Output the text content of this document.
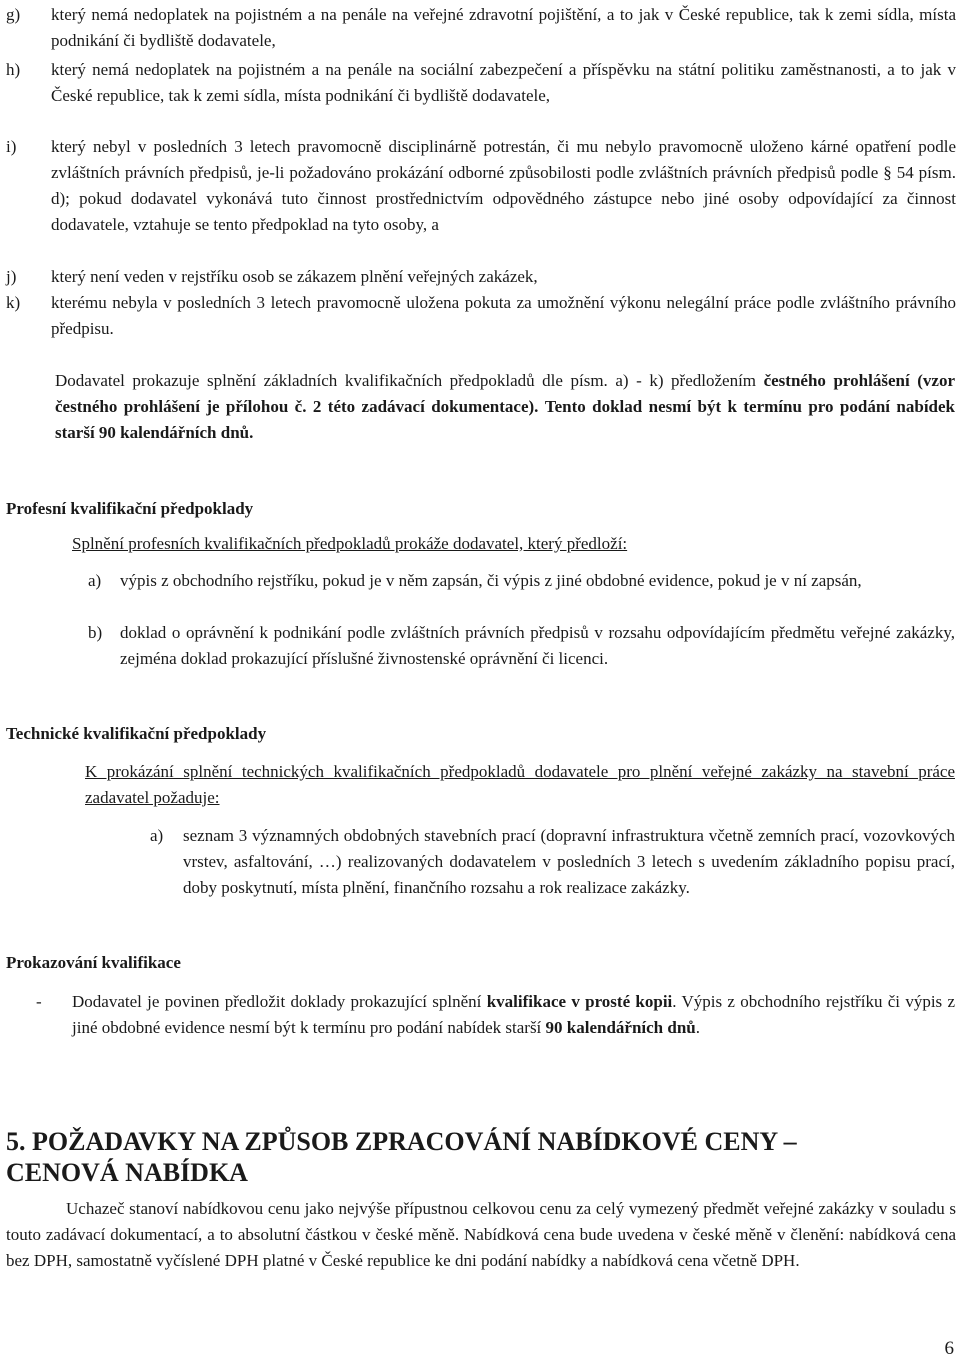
g) který nemá nedoplatek na pojistném a na penále na veřejné zdravotní pojištění, a to jak v České republice, tak k zemi sídla, místa podnikání či bydliště dodavatele,
h) který nemá nedoplatek na pojistném a na penále na sociální zabezpečení a příspěvku na státní politiku zaměstnanosti, a to jak v České republice, tak k zemi sídla, místa podnikání či bydliště dodavatele,
i) který nebyl v posledních 3 letech pravomocně disciplinárně potrestán, či mu nebylo pravomocně uloženo kárné opatření podle zvláštních právních předpisů, je-li požadováno prokázání odborné způsobilosti podle zvláštních právních předpisů podle § 54 písm. d); pokud dodavatel vykonává tuto činnost prostřednictvím odpovědného zástupce nebo jiné osoby odpovídající za činnost dodavatele, vztahuje se tento předpoklad na tyto osoby, a
j) který není veden v rejstříku osob se zákazem plnění veřejných zakázek,
k) kterému nebyla v posledních 3 letech pravomocně uložena pokuta za umožnění výkonu nelegální práce podle zvláštního právního předpisu.

Dodavatel prokazuje splnění základních kvalifikačních předpokladů dle písm. a) - k) předložením čestného prohlášení (vzor čestného prohlášení je přílohou č. 2 této zadávací dokumentace). Tento doklad nesmí být k termínu pro podání nabídek starší 90 kalendářních dnů.

Profesní kvalifikační předpoklady

Splnění profesních kvalifikačních předpokladů prokáže dodavatel, který předloží:

a) výpis z obchodního rejstříku, pokud je v něm zapsán, či výpis z jiné obdobné evidence, pokud je v ní zapsán,
b) doklad o oprávnění k podnikání podle zvláštních právních předpisů v rozsahu odpovídajícím předmětu veřejné zakázky, zejména doklad prokazující příslušné živnostenské oprávnění či licenci.
Technické kvalifikační předpoklady

K prokázání splnění technických kvalifikačních předpokladů dodavatele pro plnění veřejné zakázky na stavební práce zadavatel požaduje:

a) seznam 3 významných obdobných stavebních prací (dopravní infrastruktura včetně zemních prací, vozovkových vrstev, asfaltování, …) realizovaných dodavatelem v posledních 3 letech s uvedením základního popisu prací, doby poskytnutí, místa plnění, finančního rozsahu a rok realizace zakázky.
Prokazování kvalifikace
- Dodavatel je povinen předložit doklady prokazující splnění kvalifikace v prosté kopii. Výpis z obchodního rejstříku či výpis z jiné obdobné evidence nesmí být k termínu pro podání nabídek starší 90 kalendářních dnů.

5. POŽADAVKY NA ZPŮSOB ZPRACOVÁNÍ NABÍDKOVÉ CENY –
CENOVÁ NABÍDKA

Uchazeč stanoví nabídkovou cenu jako nejvýše přípustnou celkovou cenu za celý vymezený předmět veřejné zakázky v souladu s touto zadávací dokumentací, a to absolutní částkou v české měně. Nabídková cena bude uvedena v české měně v členění: nabídková cena bez DPH, samostatně vyčíslené DPH platné v České republice ke dni podání nabídky a nabídková cena včetně DPH.

6
